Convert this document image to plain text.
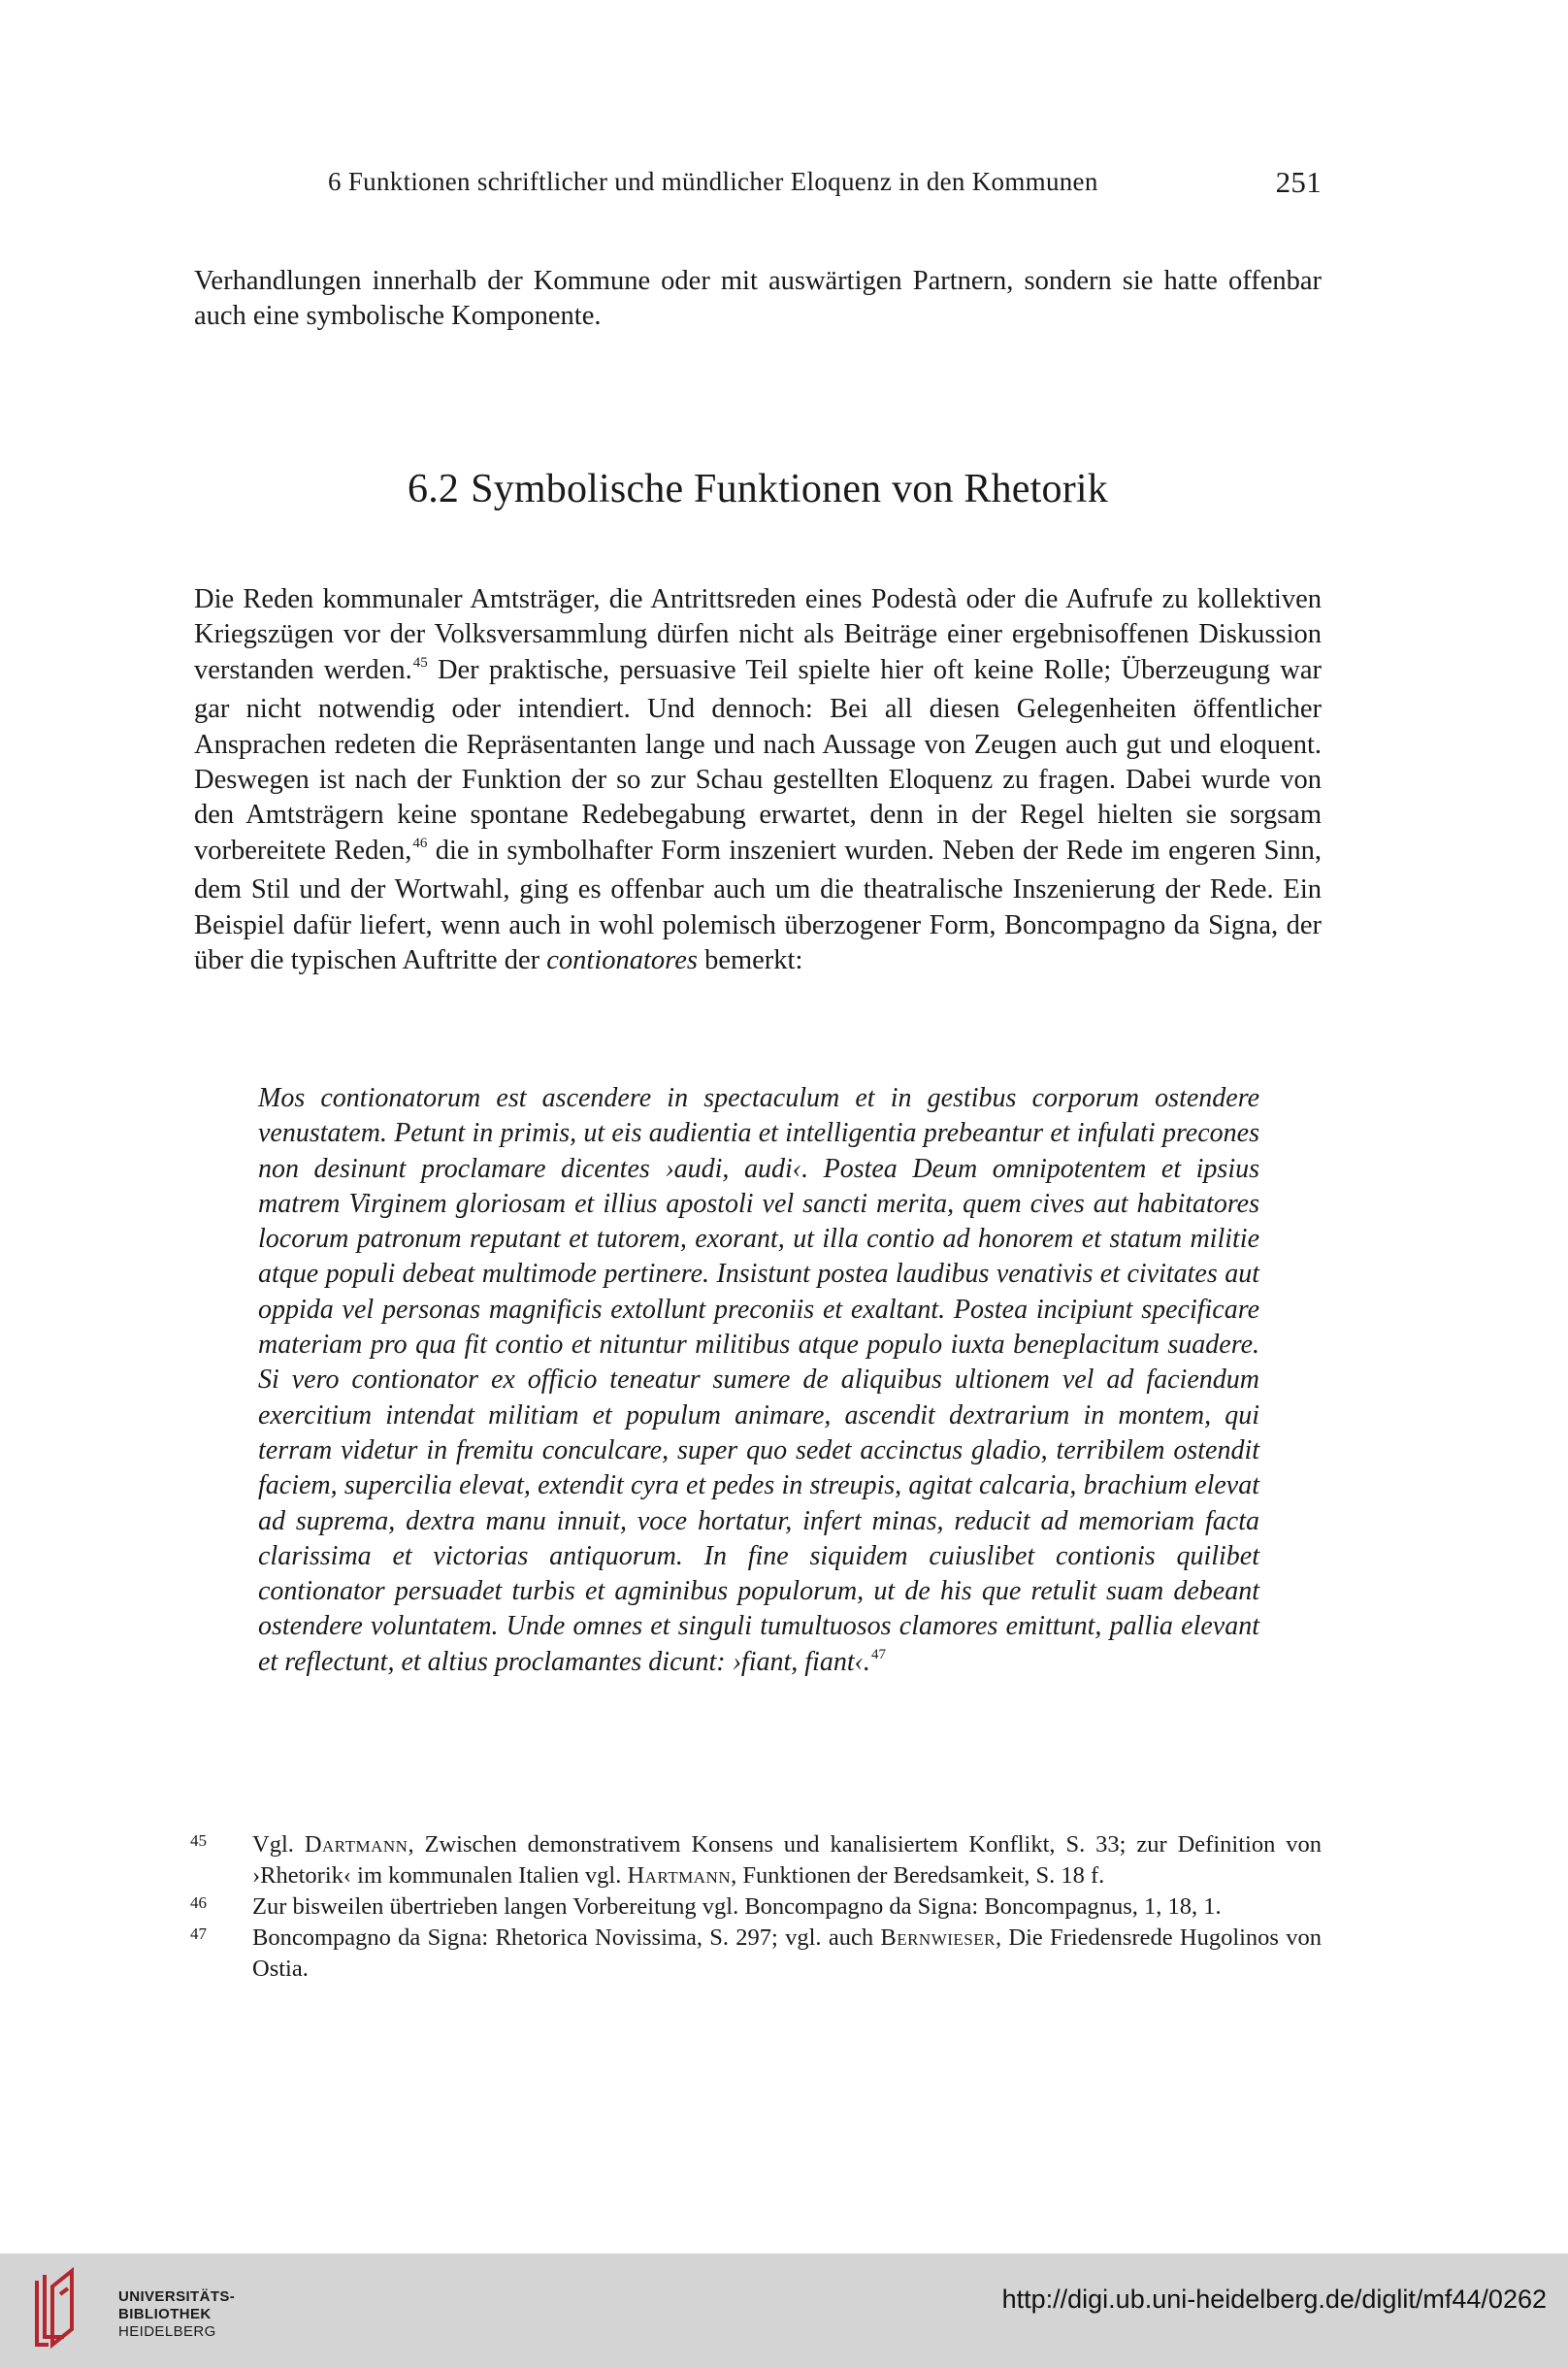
6 Funktionen schriftlicher und mündlicher Eloquenz in den Kommunen	251
Verhandlungen innerhalb der Kommune oder mit auswärtigen Partnern, sondern sie hatte offenbar auch eine symbolische Komponente.
6.2 Symbolische Funktionen von Rhetorik
Die Reden kommunaler Amtsträger, die Antrittsreden eines Podestà oder die Aufrufe zu kollektiven Kriegszügen vor der Volksversammlung dürfen nicht als Beiträge einer ergebnisoffenen Diskussion verstanden werden.$^{45}$ Der praktische, persuasive Teil spielte hier oft keine Rolle; Überzeugung war gar nicht notwendig oder intendiert. Und dennoch: Bei all diesen Gelegenheiten öffentlicher Ansprachen redeten die Repräsentanten lange und nach Aussage von Zeugen auch gut und eloquent. Deswegen ist nach der Funktion der so zur Schau gestellten Eloquenz zu fragen. Dabei wurde von den Amtsträgern keine spontane Redebegabung erwartet, denn in der Regel hielten sie sorgsam vorbereitete Reden,$^{46}$ die in symbolhafter Form inszeniert wurden. Neben der Rede im engeren Sinn, dem Stil und der Wortwahl, ging es offenbar auch um die theatralische Inszenierung der Rede. Ein Beispiel dafür liefert, wenn auch in wohl polemisch überzogener Form, Boncompagno da Signa, der über die typischen Auftritte der contionatores bemerkt:
Mos contionatorum est ascendere in spectaculum et in gestibus corporum ostendere venustatem. Petunt in primis, ut eis audientia et intelligentia prebeantur et infulati precones non desinunt proclamare dicentes ›audi, audi‹. Postea Deum omnipotentem et ipsius matrem Virginem gloriosam et illius apostoli vel sancti merita, quem cives aut habitatores locorum patronum reputant et tutorem, exorant, ut illa contio ad honorem et statum militie atque populi debeat multimode pertinere. Insistunt postea laudibus venativis et civitates aut oppida vel personas magnificis extollunt preconiis et exaltant. Postea incipiunt specificare materiam pro qua fit contio et nituntur militibus atque populo iuxta beneplacitum suadere. Si vero contionator ex officio teneatur sumere de aliquibus ultionem vel ad faciendum exercitium intendat militiam et populum animare, ascendit dextrarium in montem, qui terram videtur in fremitu conculcare, super quo sedet accinctus gladio, terribilem ostendit faciem, supercilia elevat, extendit cyra et pedes in streupis, agitat calcaria, brachium elevat ad suprema, dextra manu innuit, voce hortatur, infert minas, reducit ad memoriam facta clarissima et victorias antiquorum. In fine siquidem cuiuslibet contionis quilibet contionator persuadet turbis et agminibus populorum, ut de his que retulit suam debeant ostendere voluntatem. Unde omnes et singuli tumultuosos clamores emittunt, pallia elevant et reflectunt, et altius proclamantes dicunt: ›fiant, fiant‹.$^{47}$
45 Vgl. Dartmann, Zwischen demonstrativem Konsens und kanalisiertem Konflikt, S. 33; zur Definition von ›Rhetorik‹ im kommunalen Italien vgl. Hartmann, Funktionen der Beredsamkeit, S. 18 f.
46 Zur bisweilen übertrieben langen Vorbereitung vgl. Boncompagno da Signa: Boncompagnus, 1, 18, 1.
47 Boncompagno da Signa: Rhetorica Novissima, S. 297; vgl. auch Bernwieser, Die Friedensrede Hugolinos von Ostia.
UNIVERSITÄTS-
BIBLIOTHEK
HEIDELBERG
http://digi.ub.uni-heidelberg.de/diglit/mf44/0262
